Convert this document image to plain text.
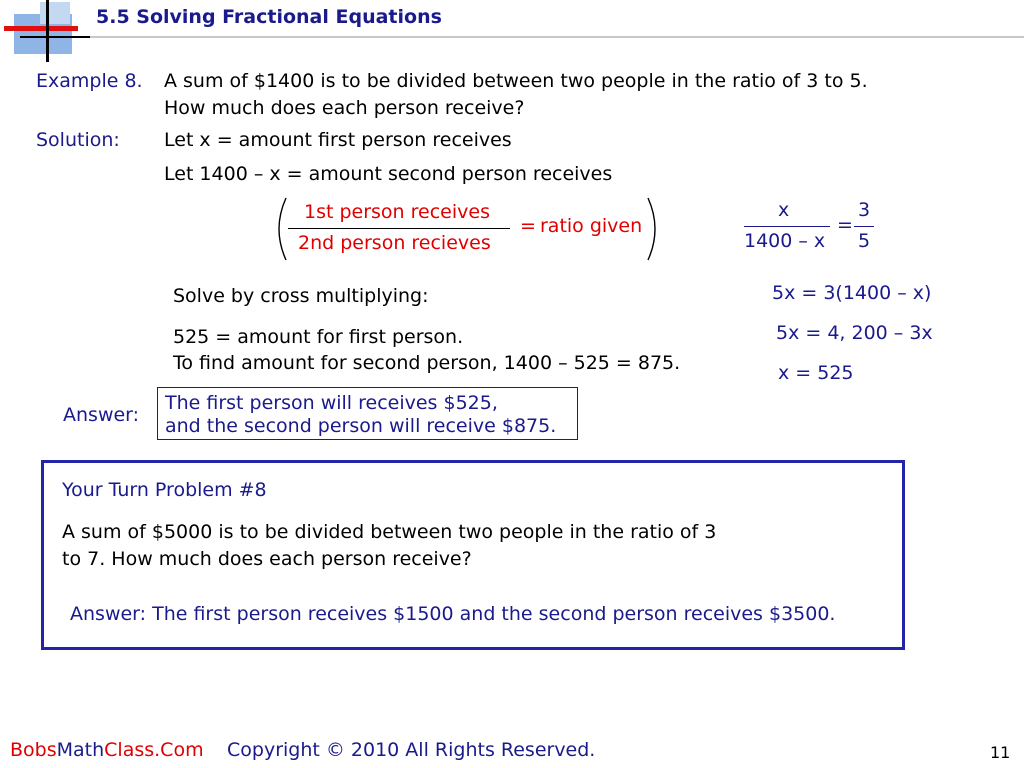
5.5 Solving Fractional Equations
Example 8. A sum of $1400 is to be divided between two people in the ratio of 3 to 5.
How much does each person receive?
Solution: Let x = amount first person receives
Let 1400 – x = amount second person receives
1st person receives
2nd person recieves
= ratio given
x
1400 – x
=
3
5
Solve by cross multiplying:	5x = 3(1400 – x)
5x = 4, 200 – 3x
x = 525
525 = amount for first person.
To find amount for second person, 1400 – 525 = 875.
Answer:
The first person will receives $525,
and the second person will receive $875.
Your Turn Problem #8
A sum of $5000 is to be divided between two people in the ratio of 3
to 7. How much does each person receive?
Answer: The first person receives $1500 and the second person receives $3500.
BobsMathClass.Com Copyright © 2010 All Rights Reserved.	11
